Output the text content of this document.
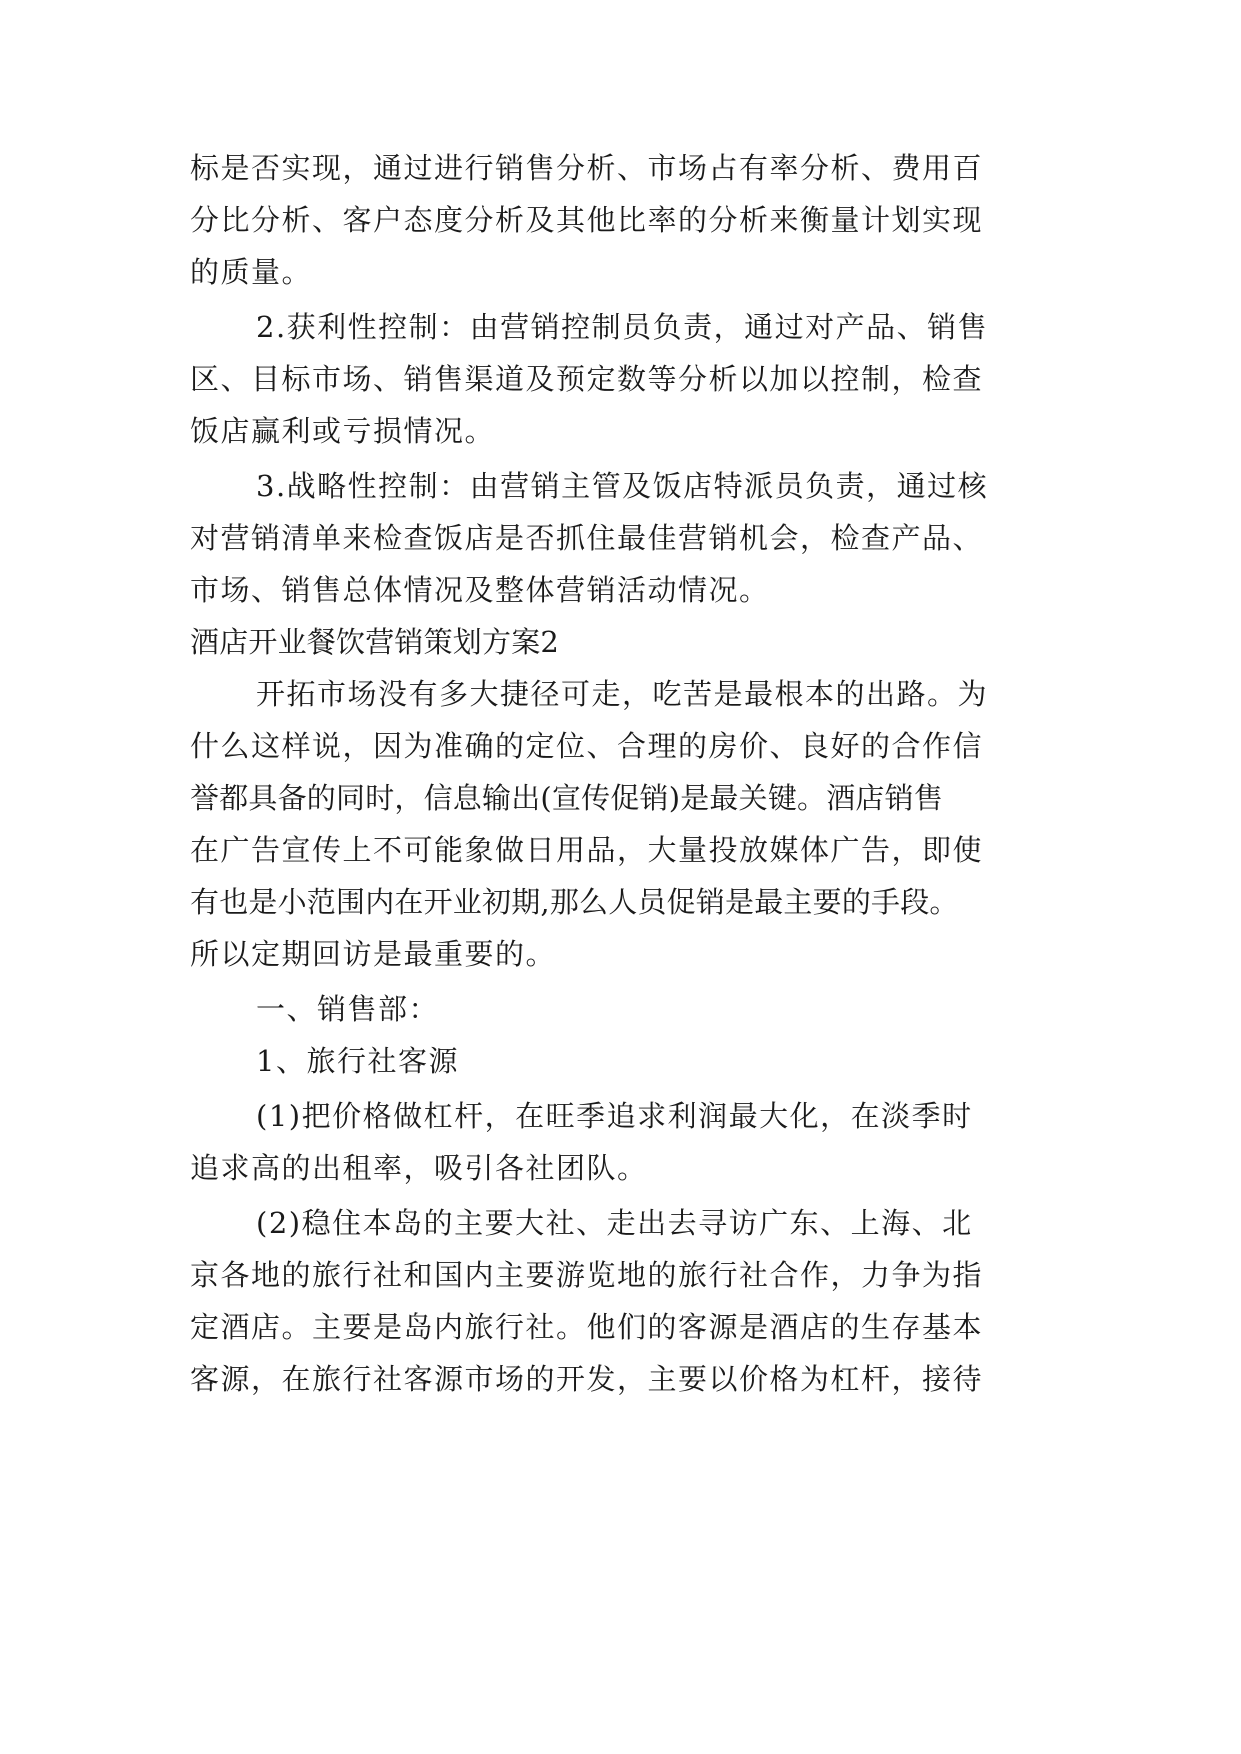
标是否实现，通过进行销售分析、市场占有率分析、费用百

分比分析、客户态度分析及其他比率的分析来衡量计划实现

的质量。

2.获利性控制：由营销控制员负责，通过对产品、销售

区、目标市场、销售渠道及预定数等分析以加以控制，检查

饭店赢利或亏损情况。

3.战略性控制：由营销主管及饭店特派员负责，通过核

对营销清单来检查饭店是否抓住最佳营销机会，检查产品、

市场、销售总体情况及整体营销活动情况。

酒店开业餐饮营销策划方案2

开拓市场没有多大捷径可走，吃苦是最根本的出路。为

什么这样说，因为准确的定位、合理的房价、良好的合作信

誉都具备的同时，信息输出(宣传促销)是最关键。酒店销售

在广告宣传上不可能象做日用品，大量投放媒体广告，即使

有也是小范围内在开业初期,那么人员促销是最主要的手段。

所以定期回访是最重要的。

一、销售部：

1、旅行社客源

(1)把价格做杠杆，在旺季追求利润最大化，在淡季时

追求高的出租率，吸引各社团队。

(2)稳住本岛的主要大社、走出去寻访广东、上海、北

京各地的旅行社和国内主要游览地的旅行社合作，力争为指

定酒店。主要是岛内旅行社。他们的客源是酒店的生存基本

客源，在旅行社客源市场的开发，主要以价格为杠杆，接待
